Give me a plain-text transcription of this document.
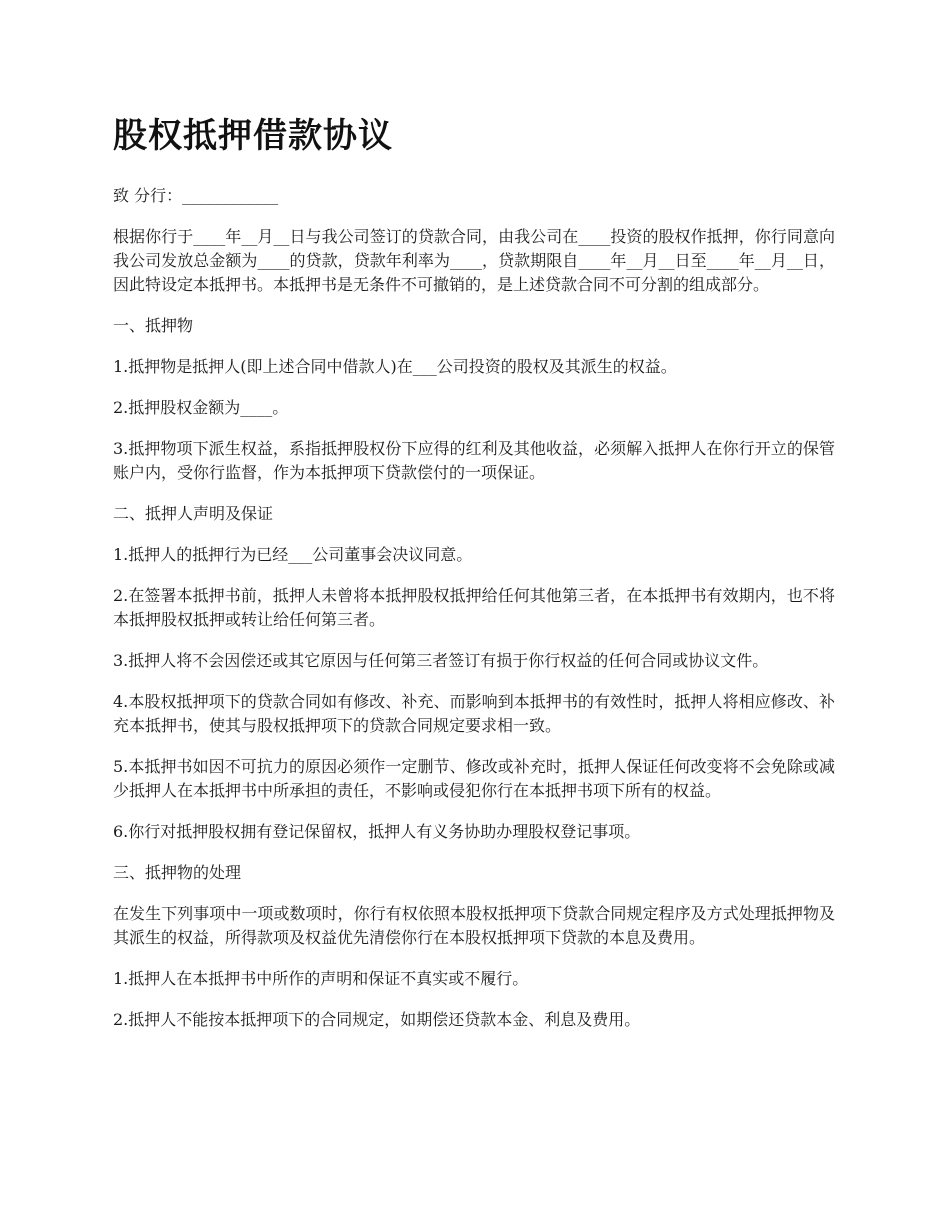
股权抵押借款协议

致 分行：____________

根据你行于____年__月__日与我公司签订的贷款合同，由我公司在____投资的股权作抵押，你行同意向我公司发放总金额为____的贷款，贷款年利率为____，贷款期限自____年__月__日至____年__月__日，因此特设定本抵押书。本抵押书是无条件不可撤销的，是上述贷款合同不可分割的组成部分。

一、抵押物

1.抵押物是抵押人(即上述合同中借款人)在___公司投资的股权及其派生的权益。

2.抵押股权金额为____。

3.抵押物项下派生权益，系指抵押股权份下应得的红利及其他收益，必须解入抵押人在你行开立的保管账户内，受你行监督，作为本抵押项下贷款偿付的一项保证。

二、抵押人声明及保证

1.抵押人的抵押行为已经___公司董事会决议同意。

2.在签署本抵押书前，抵押人未曾将本抵押股权抵押给任何其他第三者，在本抵押书有效期内，也不将本抵押股权抵押或转让给任何第三者。

3.抵押人将不会因偿还或其它原因与任何第三者签订有损于你行权益的任何合同或协议文件。

4.本股权抵押项下的贷款合同如有修改、补充、而影响到本抵押书的有效性时，抵押人将相应修改、补充本抵押书，使其与股权抵押项下的贷款合同规定要求相一致。

5.本抵押书如因不可抗力的原因必须作一定删节、修改或补充时，抵押人保证任何改变将不会免除或减少抵押人在本抵押书中所承担的责任，不影响或侵犯你行在本抵押书项下所有的权益。

6.你行对抵押股权拥有登记保留权，抵押人有义务协助办理股权登记事项。

三、抵押物的处理

在发生下列事项中一项或数项时，你行有权依照本股权抵押项下贷款合同规定程序及方式处理抵押物及其派生的权益，所得款项及权益优先清偿你行在本股权抵押项下贷款的本息及费用。

1.抵押人在本抵押书中所作的声明和保证不真实或不履行。

2.抵押人不能按本抵押项下的合同规定，如期偿还贷款本金、利息及费用。
